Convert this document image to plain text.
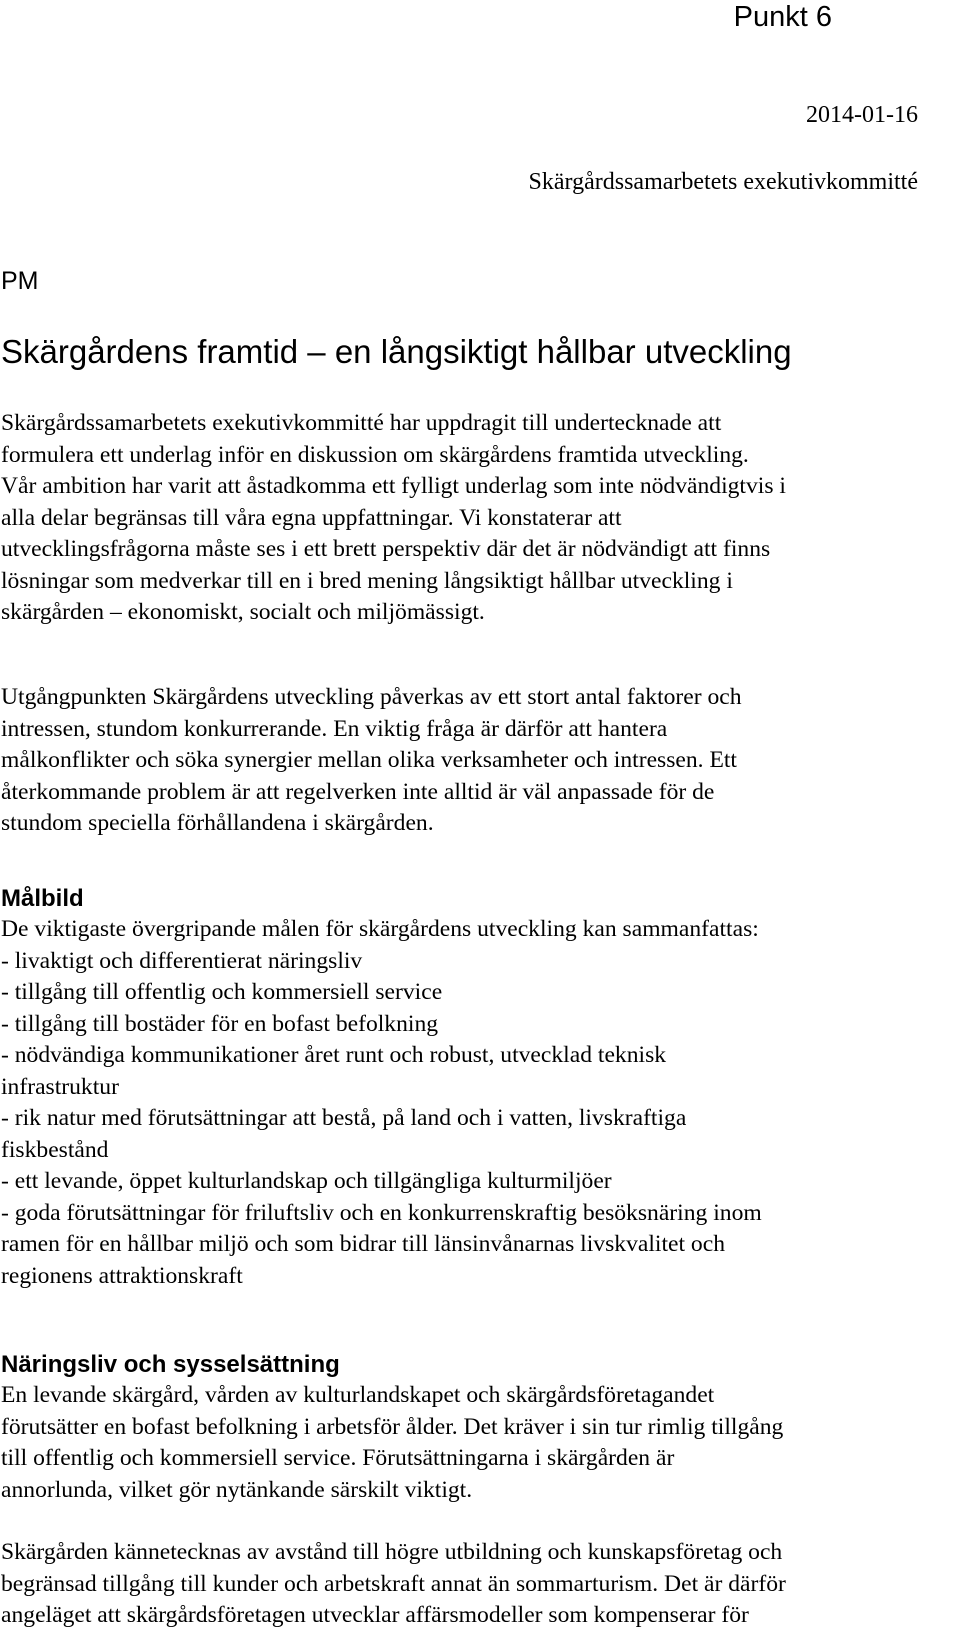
Punkt 6
2014-01-16
Skärgårdssamarbetets exekutivkommitté
PM
Skärgårdens framtid – en långsiktigt hållbar utveckling
Skärgårdssamarbetets exekutivkommitté har uppdragit till undertecknade att
formulera ett underlag inför en diskussion om skärgårdens framtida utveckling.
Vår ambition har varit att åstadkomma ett fylligt underlag som inte nödvändigtvis i
alla delar begränsas till våra egna uppfattningar. Vi konstaterar att
utvecklingsfrågorna måste ses i ett brett perspektiv där det är nödvändigt att finns
lösningar som medverkar till en i bred mening långsiktigt hållbar utveckling i
skärgården – ekonomiskt, socialt och miljömässigt.
Utgångpunkten Skärgårdens utveckling påverkas av ett stort antal faktorer och
intressen, stundom konkurrerande. En viktig fråga är därför att hantera
målkonflikter och söka synergier mellan olika verksamheter och intressen. Ett
återkommande problem är att regelverken inte alltid är väl anpassade för de
stundom speciella förhållandena i skärgården.
Målbild
De viktigaste övergripande målen för skärgårdens utveckling kan sammanfattas:
- livaktigt och differentierat näringsliv
- tillgång till offentlig och kommersiell service
- tillgång till bostäder för en bofast befolkning
- nödvändiga kommunikationer året runt och robust, utvecklad teknisk
infrastruktur
- rik natur med förutsättningar att bestå, på land och i vatten, livskraftiga
fiskbestånd
- ett levande, öppet kulturlandskap och tillgängliga kulturmiljöer
- goda förutsättningar för friluftsliv och en konkurrenskraftig besöksnäring inom
ramen för en hållbar miljö och som bidrar till länsinvånarnas livskvalitet och
regionens attraktionskraft
Näringsliv och sysselsättning
En levande skärgård, vården av kulturlandskapet och skärgårdsföretagandet
förutsätter en bofast befolkning i arbetsför ålder. Det kräver i sin tur rimlig tillgång
till offentlig och kommersiell service. Förutsättningarna i skärgården är
annorlunda, vilket gör nytänkande särskilt viktigt.
Skärgården kännetecknas av avstånd till högre utbildning och kunskapsföretag och
begränsad tillgång till kunder och arbetskraft annat än sommarturism. Det är därför
angeläget att skärgårdsföretagen utvecklar affärsmodeller som kompenserar för
